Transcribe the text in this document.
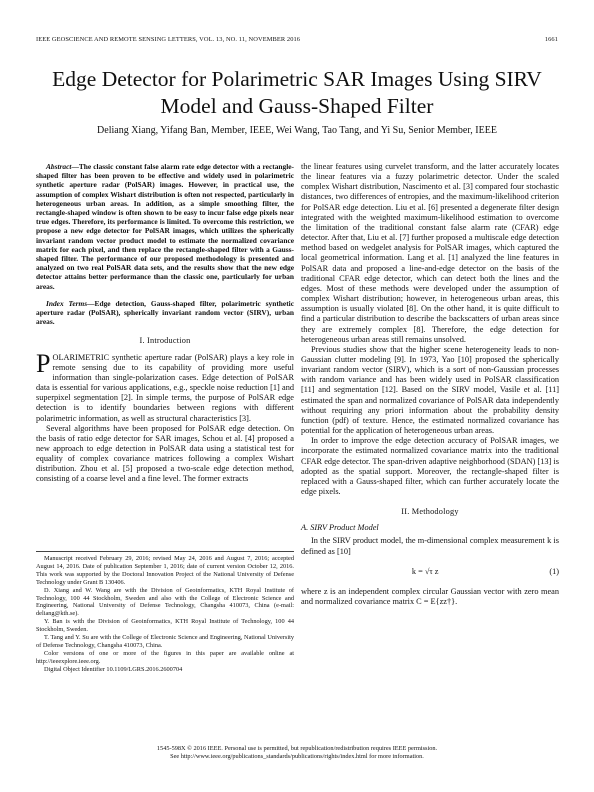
IEEE GEOSCIENCE AND REMOTE SENSING LETTERS, VOL. 13, NO. 11, NOVEMBER 2016	1661
Edge Detector for Polarimetric SAR Images Using SIRV Model and Gauss-Shaped Filter
Deliang Xiang, Yifang Ban, Member, IEEE, Wei Wang, Tao Tang, and Yi Su, Senior Member, IEEE

Abstract—The classic constant false alarm rate edge detector with a rectangle-shaped filter has been proven to be effective and widely used in polarimetric synthetic aperture radar (PolSAR) images. However, in practical use, the assumption of complex Wishart distribution is often not respected, particularly in heterogeneous urban areas. In addition, as a simple smoothing filter, the rectangle-shaped window is often shown to be easy to incur false edge pixels near true edges. Therefore, its performance is limited. To overcome this restriction, we propose a new edge detector for PolSAR images, which utilizes the spherically invariant random vector product model to estimate the normalized covariance matrix for each pixel, and then replace the rectangle-shaped filter with a Gauss-shaped filter. The performance of our proposed methodology is presented and analyzed on two real PolSAR data sets, and the results show that the new edge detector attains better performance than the classic one, particularly for urban areas.

Index Terms—Edge detection, Gauss-shaped filter, polarimetric synthetic aperture radar (PolSAR), spherically invariant random vector (SIRV), urban areas.

I. Introduction

POLARIMETRIC synthetic aperture radar (PolSAR) plays a key role in remote sensing due to its capability of providing more useful information than single-polarization cases. Edge detection of PolSAR data is essential for various applications, e.g., speckle noise reduction [1] and superpixel segmentation [2]. In simple terms, the purpose of PolSAR edge detection is to identify boundaries between regions with different polarimetric information, as well as structural characteristics [3].

Several algorithms have been proposed for PolSAR edge detection. On the basis of ratio edge detector for SAR images, Schou et al. [4] proposed a new approach to edge detection in PolSAR data using a statistical test for equality of complex covariance matrices following a complex Wishart distribution. Zhou et al. [5] proposed a two-scale edge detection method, consisting of a coarse level and a fine level. The former extracts

Manuscript received February 29, 2016; revised May 24, 2016 and August 7, 2016; accepted August 14, 2016. Date of publication September 1, 2016; date of current version October 12, 2016. This work was supported by the Doctoral Innovation Project of the National University of Defense Technology under Grant B 130406.

D. Xiang and W. Wang are with the Division of Geoinformatics, KTH Royal Institute of Technology, 100 44 Stockholm, Sweden and also with the College of Electronic Science and Engineering, National University of Defense Technology, Changsha 410073, China (e-mail: deliang@kth.se).

Y. Ban is with the Division of Geoinformatics, KTH Royal Institute of Technology, 100 44 Stockholm, Sweden.

T. Tang and Y. Su are with the College of Electronic Science and Engineering, National University of Defense Technology, Changsha 410073, China.

Color versions of one or more of the figures in this paper are available online at http://ieeexplore.ieee.org.

Digital Object Identifier 10.1109/LGRS.2016.2600704

the linear features using curvelet transform, and the latter accurately locates the linear features via a fuzzy polarimetric detector. Under the scaled complex Wishart distribution, Nascimento et al. [3] compared four stochastic distances, two differences of entropies, and the maximum-likelihood criterion for PolSAR edge detection. Liu et al. [6] presented a degenerate filter design integrated with the weighted maximum-likelihood estimation to overcome the limitation of the traditional constant false alarm rate (CFAR) edge detector. After that, Liu et al. [7] further proposed a multiscale edge detection method based on wedgelet analysis for PolSAR images, which captured the local geometrical information. Lang et al. [1] analyzed the line features in PolSAR data and proposed a line-and-edge detector on the basis of the traditional CFAR edge detector, which can detect both the lines and the edges. Most of these methods were developed under the assumption of complex Wishart distribution; however, in heterogeneous urban areas, this assumption is usually violated [8]. On the other hand, it is quite difficult to find a particular distribution to describe the backscatters of urban areas since they are extremely complex [8]. Therefore, the edge detection for heterogeneous urban areas still remains unsolved.

Previous studies show that the higher scene heterogeneity leads to non-Gaussian clutter modeling [9]. In 1973, Yao [10] proposed the spherically invariant random vector (SIRV), which is a sort of non-Gaussian processes with random variance and has been widely used in PolSAR classification [11] and segmentation [12]. Based on the SIRV model, Vasile et al. [11] estimated the span and normalized covariance of PolSAR data independently without requiring any priori information about the probability density function (pdf) of texture. Hence, the estimated normalized covariance has potential for the application of heterogeneous urban areas.

In order to improve the edge detection accuracy of PolSAR images, we incorporate the estimated normalized covariance matrix into the traditional CFAR edge detector. The span-driven adaptive neighborhood (SDAN) [13] is adopted as the spatial support. Moreover, the rectangle-shaped filter is replaced with a Gauss-shaped filter, which can further accurately locate the edge pixels.

II. Methodology

A. SIRV Product Model

In the SIRV product model, the m-dimensional complex measurement k is defined as [10]

k = √τ z	(1)

where z is an independent complex circular Gaussian vector with zero mean and normalized covariance matrix C = E{zz†}.

1545-598X © 2016 IEEE. Personal use is permitted, but republication/redistribution requires IEEE permission.
See http://www.ieee.org/publications_standards/publications/rights/index.html for more information.
